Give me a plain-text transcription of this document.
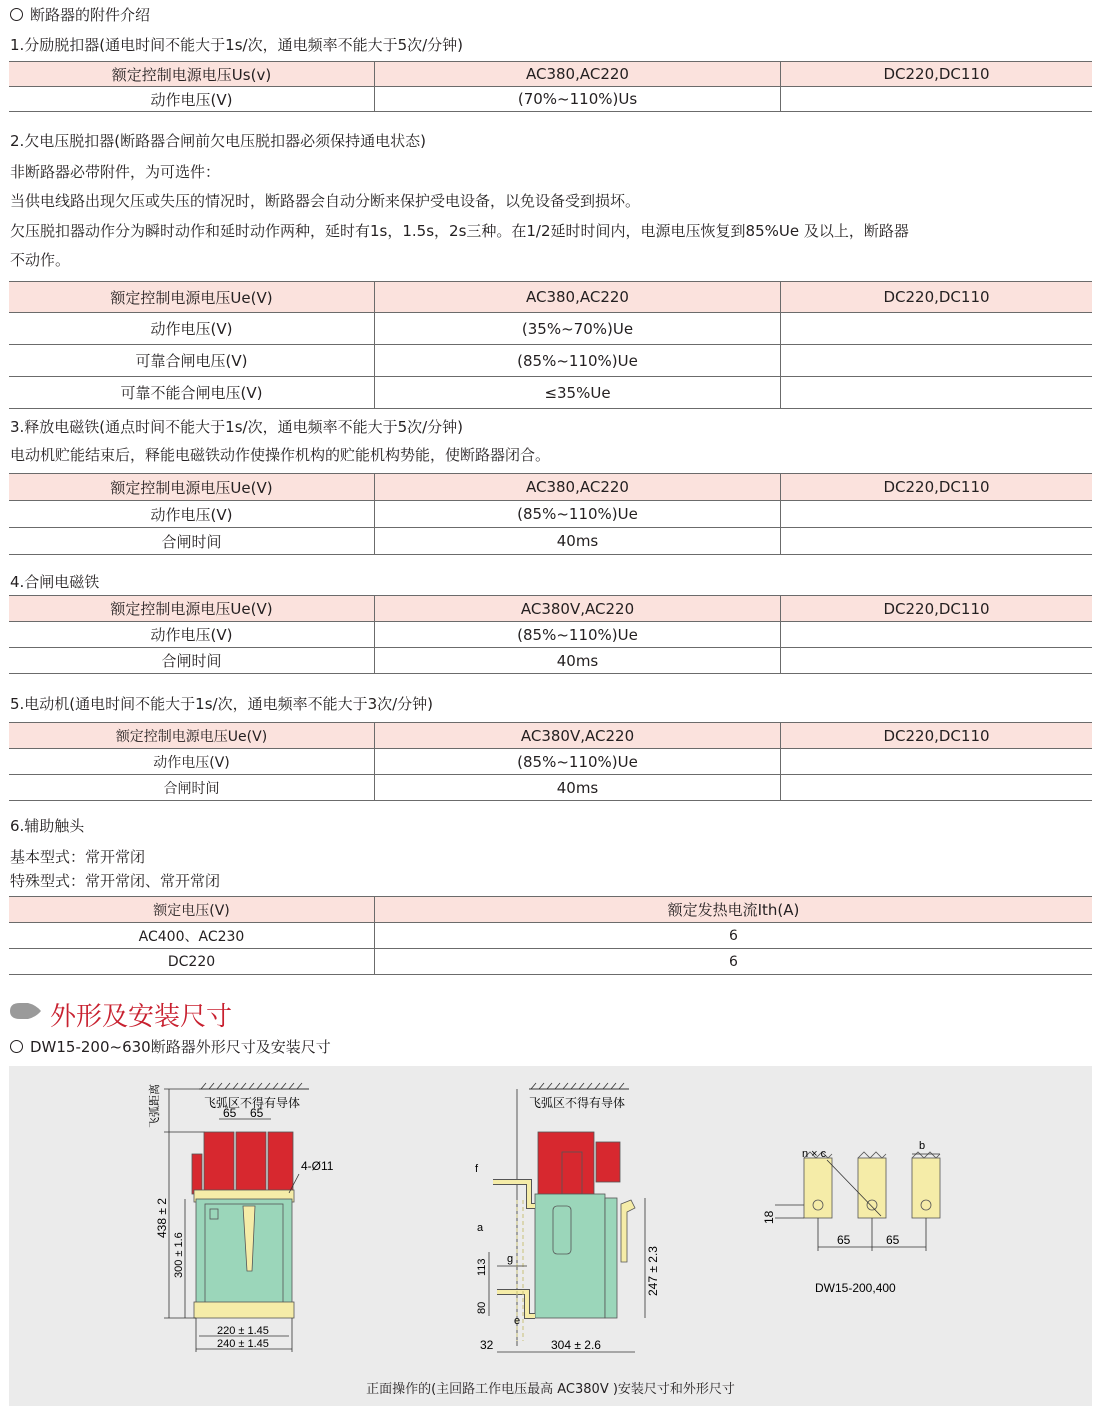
断路器的附件介绍
1.分励脱扣器(通电时间不能大于1s/次，通电频率不能大于5次/分钟)
额定控制电源电压Us(v)	AC380,AC220	DC220,DC110
动作电压(V)	(70%~110%)Us	
2.欠电压脱扣器(断路器合闸前欠电压脱扣器必须保持通电状态)
非断路器必带附件，为可选件：
当供电线路出现欠压或失压的情况时，断路器会自动分断来保护受电设备，以免设备受到损坏。
欠压脱扣器动作分为瞬时动作和延时动作两种，延时有1s，1.5s，2s三种。在1/2延时时间内，电源电压恢复到85%Ue 及以上，断路器
不动作。
额定控制电源电压Ue(V)	AC380,AC220	DC220,DC110
动作电压(V)	(35%~70%)Ue	
可靠合闸电压(V)	(85%~110%)Ue	
可靠不能合闸电压(V)	≤35%Ue	
3.释放电磁铁(通点时间不能大于1s/次，通电频率不能大于5次/分钟)
电动机贮能结束后，释能电磁铁动作使操作机构的贮能机构势能，使断路器闭合。
额定控制电源电压Ue(V)	AC380,AC220	DC220,DC110
动作电压(V)	(85%~110%)Ue	
合闸时间	40ms	
4.合闸电磁铁
额定控制电源电压Ue(V)	AC380V,AC220	DC220,DC110
动作电压(V)	(85%~110%)Ue	
合闸时间	40ms	
5.电动机(通电时间不能大于1s/次，通电频率不能大于3次/分钟)
额定控制电源电压Ue(V)	AC380V,AC220	DC220,DC110
动作电压(V)	(85%~110%)Ue	
合闸时间	40ms	
6.辅助触头
基本型式：常开常闭
特殊型式：常开常闭、常开常闭
额定电压(V)	额定发热电流Ith(A)
AC400、AC230	6
DC220	6
外形及安装尺寸
DW15-200~630断路器外形尺寸及安装尺寸
飞弧区不得有导体
飞弧距离	65 65
4-Ø11
438 ± 2
300 ± 1.6
220 ± 1.45
240 ± 1.45
飞弧区不得有导体
f
a
g
113
80
e
32	304 ± 2.6
247 ± 2.3
n × c
b
18
65	65
DW15-200,400
正面操作的(主回路工作电压最高 AC380V )安装尺寸和外形尺寸
